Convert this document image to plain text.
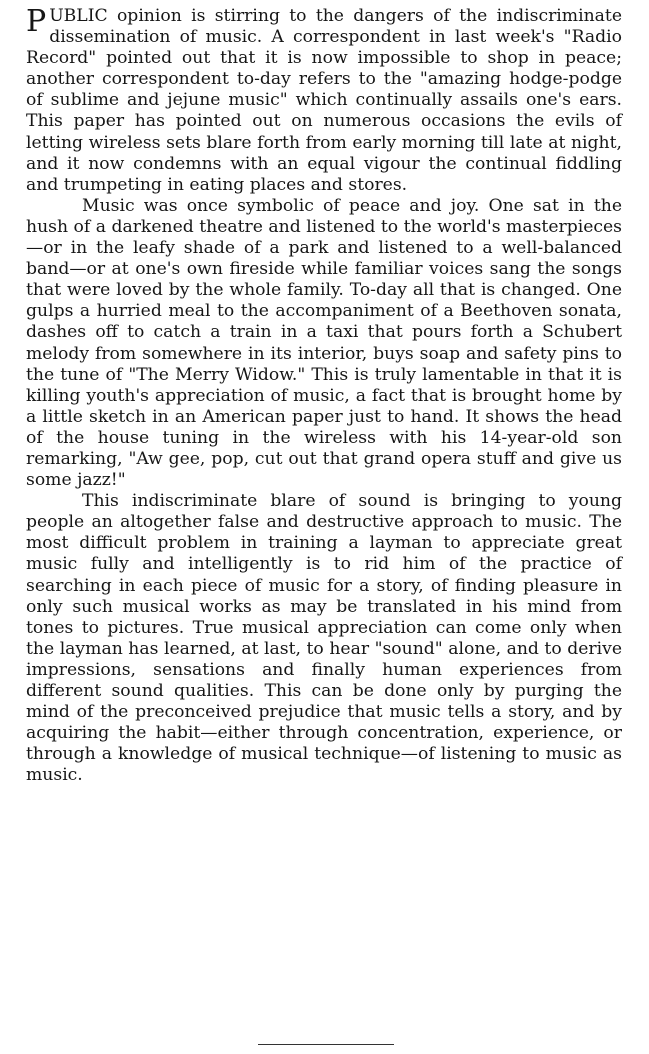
PUBLIC opinion is stirring to the dangers of the indiscriminate dissemination of music. A correspondent in last week's "Radio Record" pointed out that it is now impossible to shop in peace; another correspondent to-day refers to the "amazing hodge-podge of sublime and jejune music" which continually assails one's ears. This paper has pointed out on numerous occasions the evils of letting wireless sets blare forth from early morning till late at night, and it now condemns with an equal vigour the continual fiddling and trumpeting in eating places and stores.

Music was once symbolic of peace and joy. One sat in the hush of a darkened theatre and listened to the world's masterpieces—or in the leafy shade of a park and listened to a well-balanced band—or at one's own fireside while familiar voices sang the songs that were loved by the whole family. To-day all that is changed. One gulps a hurried meal to the accompaniment of a Beethoven sonata, dashes off to catch a train in a taxi that pours forth a Schubert melody from somewhere in its interior, buys soap and safety pins to the tune of "The Merry Widow." This is truly lamentable in that it is killing youth's appreciation of music, a fact that is brought home by a little sketch in an American paper just to hand. It shows the head of the house tuning in the wireless with his 14-year-old son remarking, "Aw gee, pop, cut out that grand opera stuff and give us some jazz!"

This indiscriminate blare of sound is bringing to young people an altogether false and destructive approach to music. The most difficult problem in training a layman to appreciate great music fully and intelligently is to rid him of the practice of searching in each piece of music for a story, of finding pleasure in only such musical works as may be translated in his mind from tones to pictures. True musical appreciation can come only when the layman has learned, at last, to hear "sound" alone, and to derive impressions, sensations and finally human experiences from different sound qualities. This can be done only by purging the mind of the preconceived prejudice that music tells a story, and by acquiring the habit—either through concentration, experience, or through a knowledge of musical technique—of listening to music as music.
